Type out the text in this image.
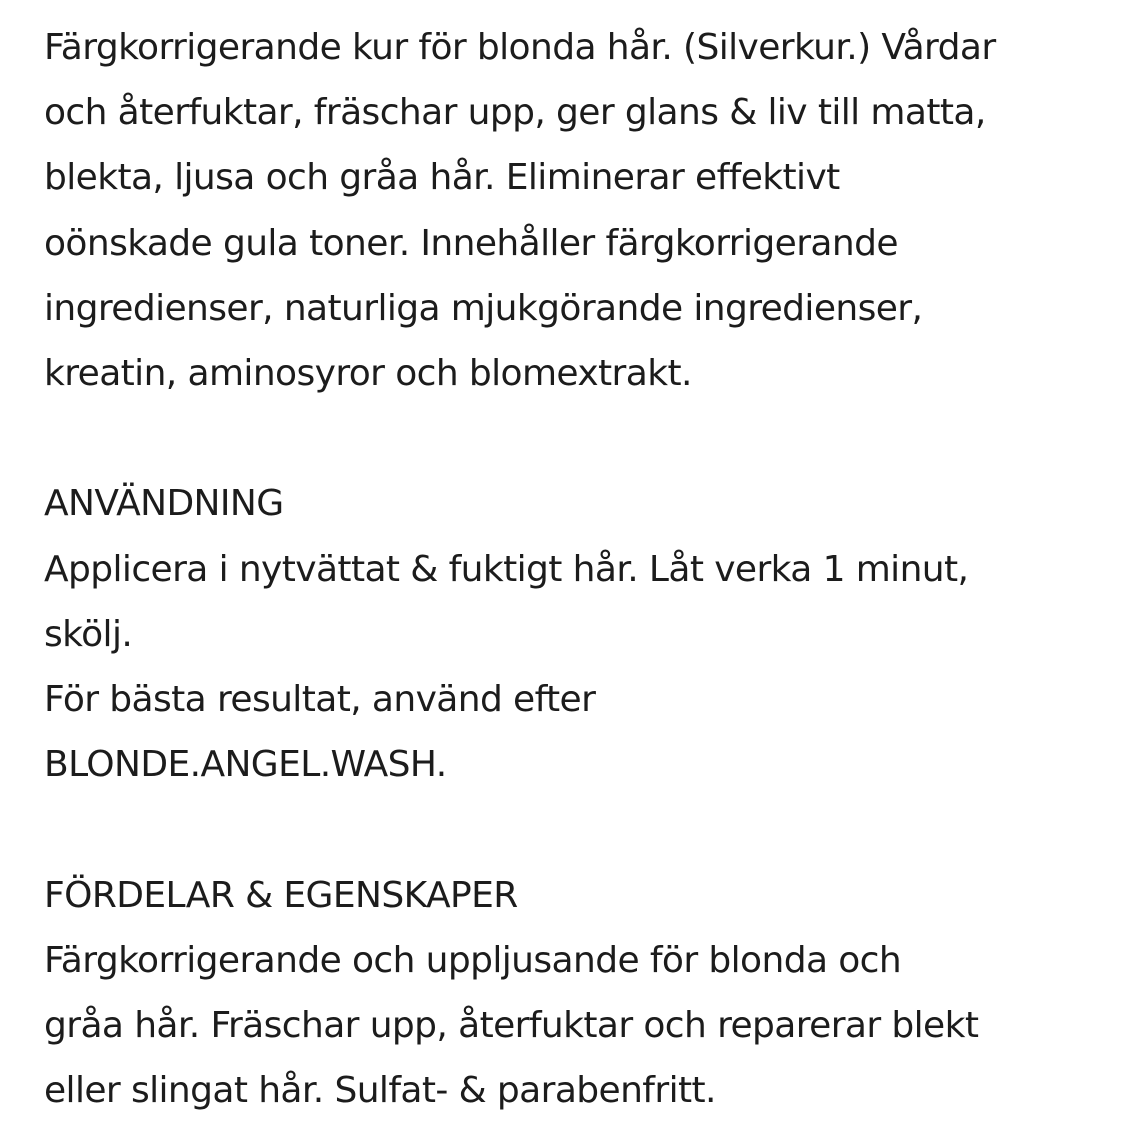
Färgkorrigerande kur för blonda hår. (Silverkur.) Vårdar

och återfuktar, fräschar upp, ger glans & liv till matta,

blekta, ljusa och gråa hår. Eliminerar effektivt

oönskade gula toner. Innehåller färgkorrigerande

ingredienser, naturliga mjukgörande ingredienser,

kreatin, aminosyror och blomextrakt.

ANVÄNDNING

Applicera i nytvättat & fuktigt hår. Låt verka 1 minut,

skölj.

För bästa resultat, använd efter

BLONDE.ANGEL.WASH.

FÖRDELAR & EGENSKAPER

Färgkorrigerande och uppljusande för blonda och

gråa hår. Fräschar upp, återfuktar och reparerar blekt

eller slingat hår. Sulfat- & parabenfritt.
